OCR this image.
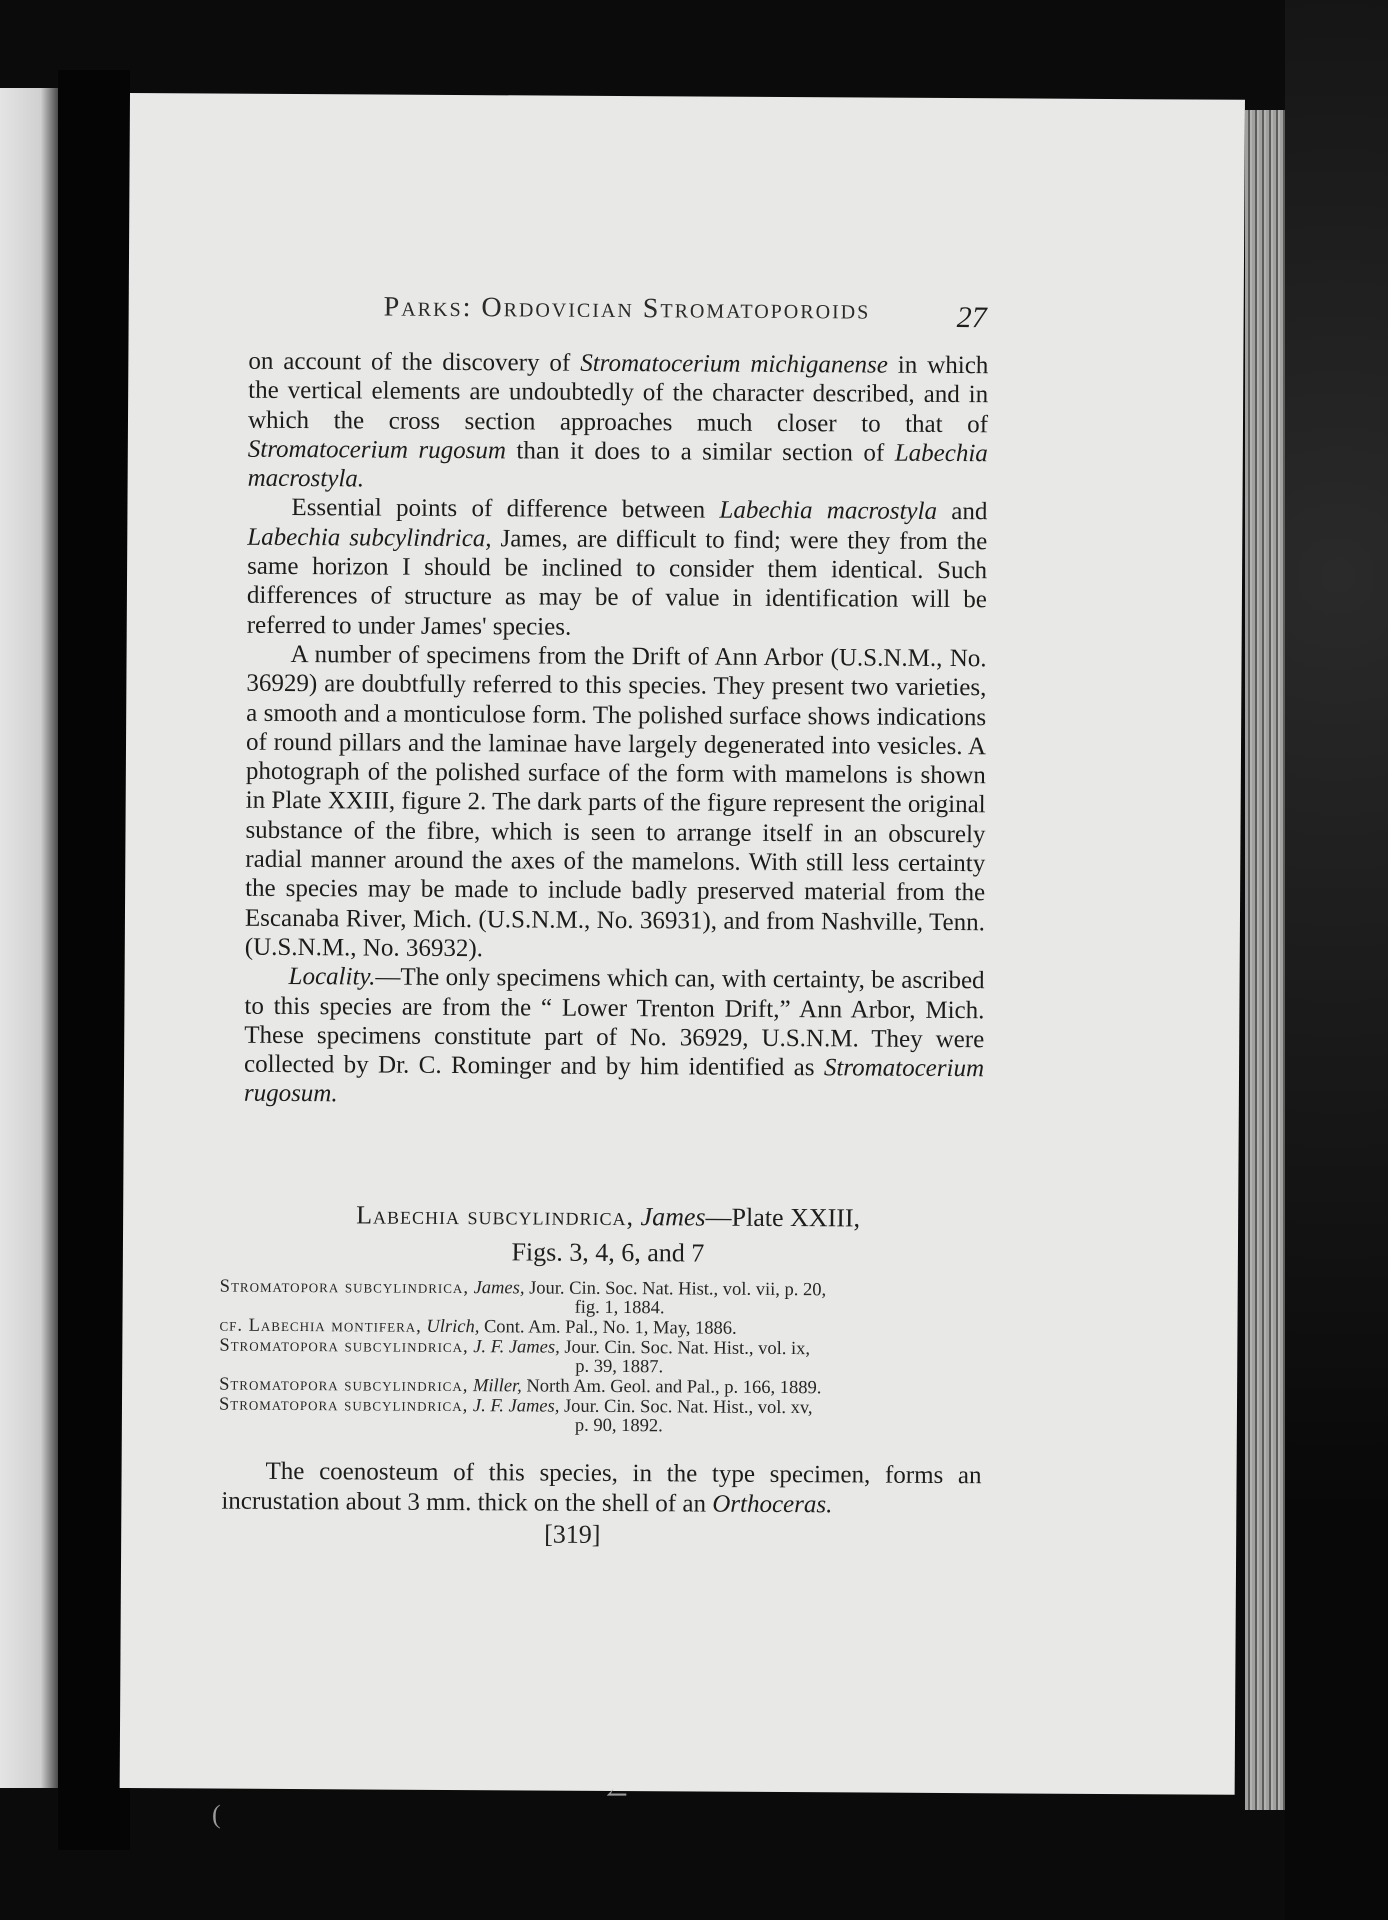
Parks: Ordovician Stromatoporoids	27

on account of the discovery of Stromatocerium michiganense in which the vertical elements are undoubtedly of the character described, and in which the cross section approaches much closer to that of Stromatocerium rugosum than it does to a similar section of Labechia macrostyla.

Essential points of difference between Labechia macrostyla and Labechia subcylindrica, James, are difficult to find; were they from the same horizon I should be inclined to consider them identical. Such differences of structure as may be of value in identification will be referred to under James' species.

A number of specimens from the Drift of Ann Arbor (U.S.N.M., No. 36929) are doubtfully referred to this species. They present two varieties, a smooth and a monticulose form. The polished surface shows indications of round pillars and the laminae have largely degenerated into vesicles. A photograph of the polished surface of the form with mamelons is shown in Plate XXIII, figure 2. The dark parts of the figure represent the original substance of the fibre, which is seen to arrange itself in an obscurely radial manner around the axes of the mamelons. With still less certainty the species may be made to include badly preserved material from the Escanaba River, Mich. (U.S.N.M., No. 36931), and from Nashville, Tenn. (U.S.N.M., No. 36932).

Locality.—The only specimens which can, with certainty, be ascribed to this species are from the “ Lower Trenton Drift,” Ann Arbor, Mich. These specimens constitute part of No. 36929, U.S.N.M. They were collected by Dr. C. Rominger and by him identified as Stromatocerium rugosum.

Labechia subcylindrica, James—Plate XXIII,
Figs. 3, 4, 6, and 7
Stromatopora subcylindrica, James, Jour. Cin. Soc. Nat. Hist., vol. vii, p. 20,
fig. 1, 1884.
cf. Labechia montifera, Ulrich, Cont. Am. Pal., No. 1, May, 1886.
Stromatopora subcylindrica, J. F. James, Jour. Cin. Soc. Nat. Hist., vol. ix,
p. 39, 1887.
Stromatopora subcylindrica, Miller, North Am. Geol. and Pal., p. 166, 1889.
Stromatopora subcylindrica, J. F. James, Jour. Cin. Soc. Nat. Hist., vol. xv,
p. 90, 1892.

The coenosteum of this species, in the type specimen, forms an incrustation about 3 mm. thick on the shell of an Orthoceras.

[319]
↼
(
